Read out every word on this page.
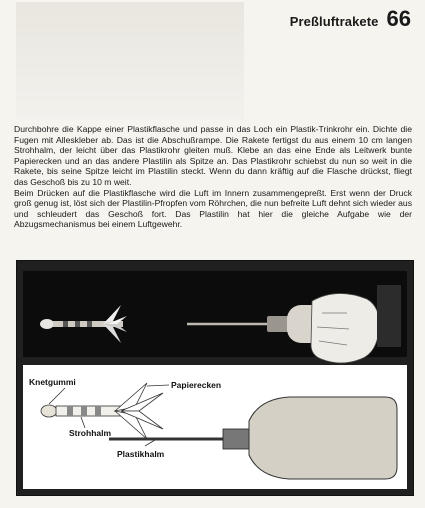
Preßluftrakete 66

Durchbohre die Kappe einer Plastikflasche und passe in das Loch ein Plastik-Trinkrohr ein. Dichte die Fugen mit Alleskleber ab. Das ist die Abschußrampe. Die Rakete fertigst du aus einem 10 cm langen Strohhalm, der leicht über das Plastikrohr gleiten muß. Klebe an das eine Ende als Leitwerk bunte Papierecken und an das andere Plastilin als Spitze an. Das Plastikrohr schiebst du nun so weit in die Rakete, bis seine Spitze leicht im Plastilin steckt. Wenn du dann kräftig auf die Flasche drückst, fliegt das Geschoß bis zu 10 m weit.

Beim Drücken auf die Plastikflasche wird die Luft im Innern zusammengepreßt. Erst wenn der Druck groß genug ist, löst sich der Plastilin-Pfropfen vom Röhrchen, die nun befreite Luft dehnt sich wieder aus und schleudert das Geschoß fort. Das Plastilin hat hier die gleiche Aufgabe wie der Abzugsmechanismus bei einem Luftgewehr.

Knetgummi	Papierecken
Strohhalm
Plastikhalm
